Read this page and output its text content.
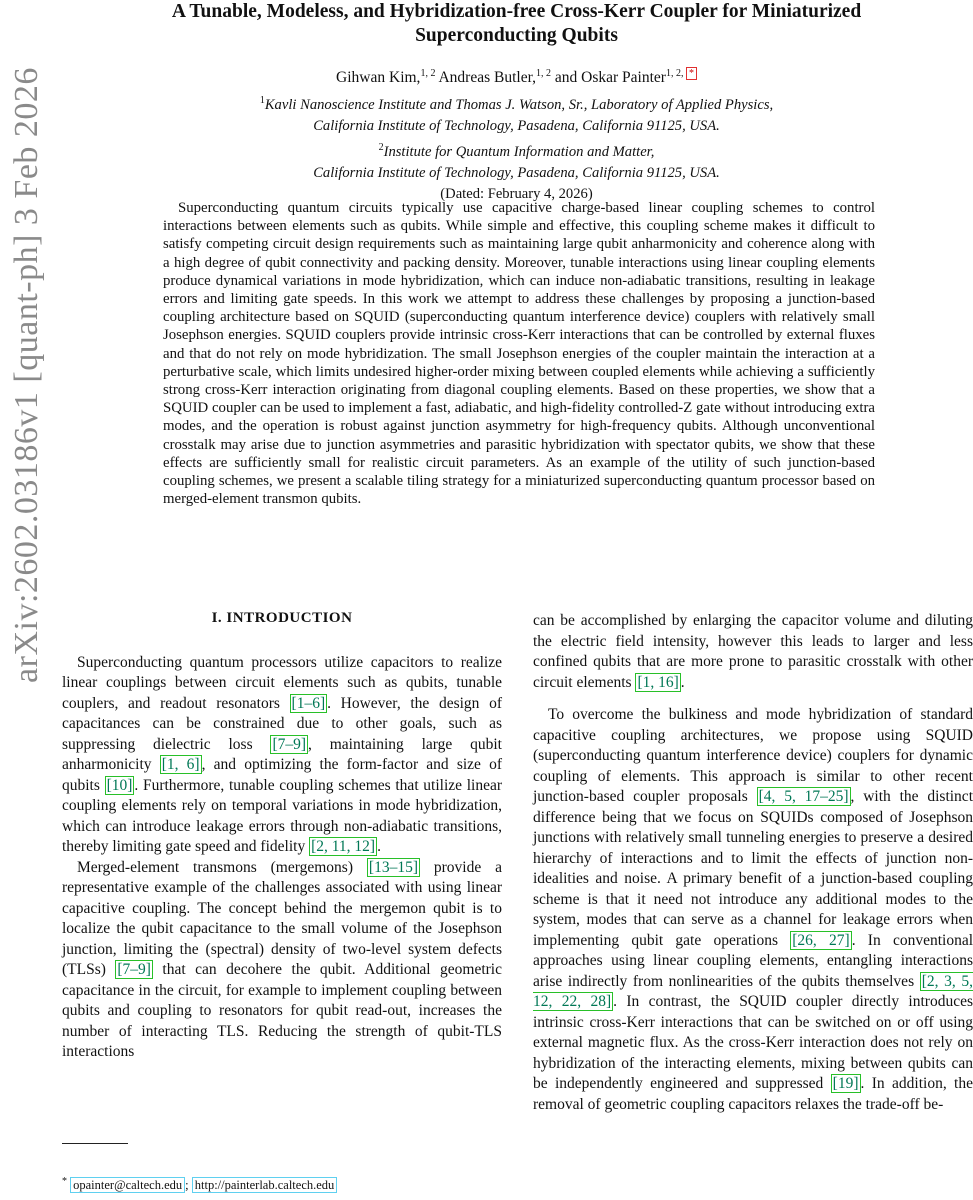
arXiv:2602.03186v1 [quant-ph] 3 Feb 2026
A Tunable, Modeless, and Hybridization-free Cross-Kerr Coupler for Miniaturized
Superconducting Qubits
Gihwan Kim,$^{1, 2}$ Andreas Butler,$^{1, 2}$ and Oskar Painter$^{1, 2, *}$
$^1$Kavli Nanoscience Institute and Thomas J. Watson, Sr., Laboratory of Applied Physics,
California Institute of Technology, Pasadena, California 91125, USA.
$^2$Institute for Quantum Information and Matter,
California Institute of Technology, Pasadena, California 91125, USA.
(Dated: February 4, 2026)
Superconducting quantum circuits typically use capacitive charge-based linear coupling schemes to control interactions between elements such as qubits. While simple and effective, this coupling scheme makes it difficult to satisfy competing circuit design requirements such as maintaining large qubit anharmonicity and coherence along with a high degree of qubit connectivity and packing density. Moreover, tunable interactions using linear coupling elements produce dynamical variations in mode hybridization, which can induce non-adiabatic transitions, resulting in leakage errors and limiting gate speeds. In this work we attempt to address these challenges by proposing a junction-based coupling architecture based on SQUID (superconducting quantum interference device) couplers with relatively small Josephson energies. SQUID couplers provide intrinsic cross-Kerr interactions that can be controlled by external fluxes and that do not rely on mode hybridization. The small Josephson energies of the coupler maintain the interaction at a perturbative scale, which limits undesired higher-order mixing between coupled elements while achieving a sufficiently strong cross-Kerr interaction originating from diagonal coupling elements. Based on these properties, we show that a SQUID coupler can be used to implement a fast, adiabatic, and high-fidelity controlled-Z gate without introducing extra modes, and the operation is robust against junction asymmetry for high-frequency qubits. Although unconventional crosstalk may arise due to junction asymmetries and parasitic hybridization with spectator qubits, we show that these effects are sufficiently small for realistic circuit parameters. As an example of the utility of such junction-based coupling schemes, we present a scalable tiling strategy for a miniaturized superconducting quantum processor based on merged-element transmon qubits.
I. INTRODUCTION

Superconducting quantum processors utilize capacitors to realize linear couplings between circuit elements such as qubits, tunable couplers, and readout resonators [1–6] . However, the design of capacitances can be constrained due to other goals, such as suppressing dielectric loss [7–9] , maintaining large qubit anharmonicity [1, 6] , and optimizing the form-factor and size of qubits [10] . Furthermore, tunable coupling schemes that utilize linear coupling elements rely on temporal variations in mode hybridization, which can introduce leakage errors through non-adiabatic transitions, thereby limiting gate speed and fidelity [2, 11, 12] .

Merged-element transmons (mergemons) [13–15] provide a representative example of the challenges associated with using linear capacitive coupling. The concept behind the mergemon qubit is to localize the qubit capacitance to the small volume of the Josephson junction, limiting the (spectral) density of two-level system defects (TLSs) [7–9] that can decohere the qubit. Additional geometric capacitance in the circuit, for example to implement coupling between qubits and coupling to resonators for qubit read-out, increases the number of interacting TLS. Reducing the strength of qubit-TLS interactions

can be accomplished by enlarging the capacitor volume and diluting the electric field intensity, however this leads to larger and less confined qubits that are more prone to parasitic crosstalk with other circuit elements [1, 16] .

To overcome the bulkiness and mode hybridization of standard capacitive coupling architectures, we propose using SQUID (superconducting quantum interference device) couplers for dynamic coupling of elements. This approach is similar to other recent junction-based coupler proposals [4, 5, 17–25] , with the distinct difference being that we focus on SQUIDs composed of Josephson junctions with relatively small tunneling energies to preserve a desired hierarchy of interactions and to limit the effects of junction non-idealities and noise. A primary benefit of a junction-based coupling scheme is that it need not introduce any additional modes to the system, modes that can serve as a channel for leakage errors when implementing qubit gate operations [26, 27] . In conventional approaches using linear coupling elements, entangling interactions arise indirectly from nonlinearities of the qubits themselves [2, 3, 5, 12, 22, 28] . In contrast, the SQUID coupler directly introduces intrinsic cross-Kerr interactions that can be switched on or off using external magnetic flux. As the cross-Kerr interaction does not rely on hybridization of the interacting elements, mixing between qubits can be independently engineered and suppressed [19] . In addition, the removal of geometric coupling capacitors relaxes the trade-off be-

* opainter@caltech.edu ; http://painterlab.caltech.edu
